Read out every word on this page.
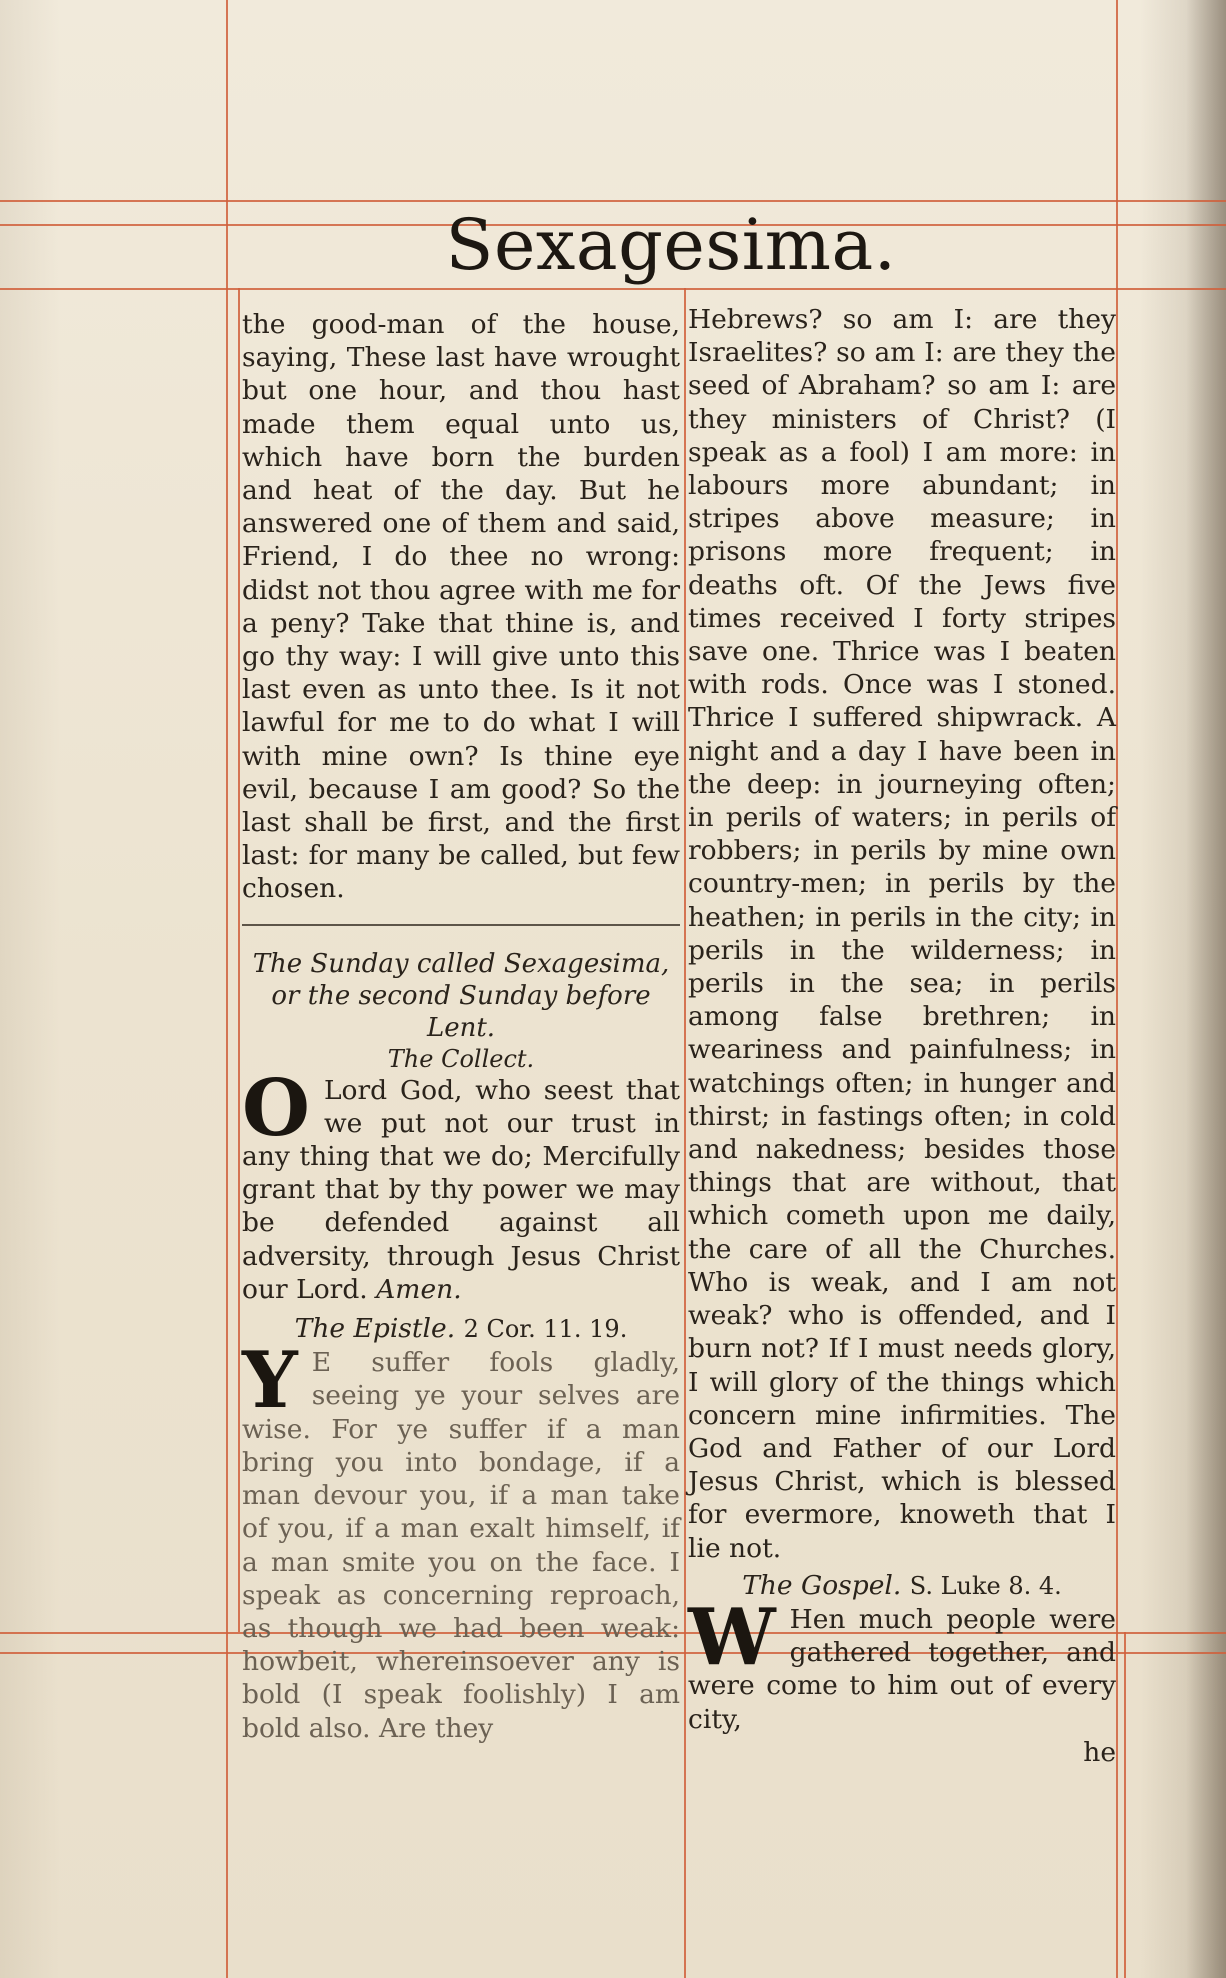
Sexagesima.

the good-man of the house, saying, These last have wrought but one hour, and thou hast made them equal unto us, which have born the burden and heat of the day. But he answered one of them and said, Friend, I do thee no wrong: didst not thou agree with me for a peny? Take that thine is, and go thy way: I will give unto this last even as unto thee. Is it not lawful for me to do what I will with mine own? Is thine eye evil, because I am good? So the last shall be first, and the first last: for many be called, but few chosen.

The Sunday called Sexagesima, or the second Sunday before Lent.

The Collect.

O Lord God, who seest that we put not our trust in any thing that we do; Mercifully grant that by thy power we may be defended against all adversity, through Jesus Christ our Lord. Amen.

The Epistle. 2 Cor. 11. 19.

Y E suffer fools gladly, seeing ye your selves are wise. For ye suffer if a man bring you into bondage, if a man devour you, if a man take of you, if a man exalt himself, if a man smite you on the face. I speak as concerning reproach, as though we had been weak: howbeit, whereinsoever any is bold (I speak foolishly) I am bold also. Are they

Hebrews? so am I: are they Israelites? so am I: are they the seed of Abraham? so am I: are they ministers of Christ? (I speak as a fool) I am more: in labours more abundant; in stripes above measure; in prisons more frequent; in deaths oft. Of the Jews five times received I forty stripes save one. Thrice was I beaten with rods. Once was I stoned. Thrice I suffered shipwrack. A night and a day I have been in the deep: in journeying often; in perils of waters; in perils of robbers; in perils by mine own country-men; in perils by the heathen; in perils in the city; in perils in the wilderness; in perils in the sea; in perils among false brethren; in weariness and painfulness; in watchings often; in hunger and thirst; in fastings often; in cold and nakedness; besides those things that are without, that which cometh upon me daily, the care of all the Churches. Who is weak, and I am not weak? who is offended, and I burn not? If I must needs glory, I will glory of the things which concern mine infirmities. The God and Father of our Lord Jesus Christ, which is blessed for evermore, knoweth that I lie not.

The Gospel. S. Luke 8. 4.

W Hen much people were gathered together, and were come to him out of every city,

he
